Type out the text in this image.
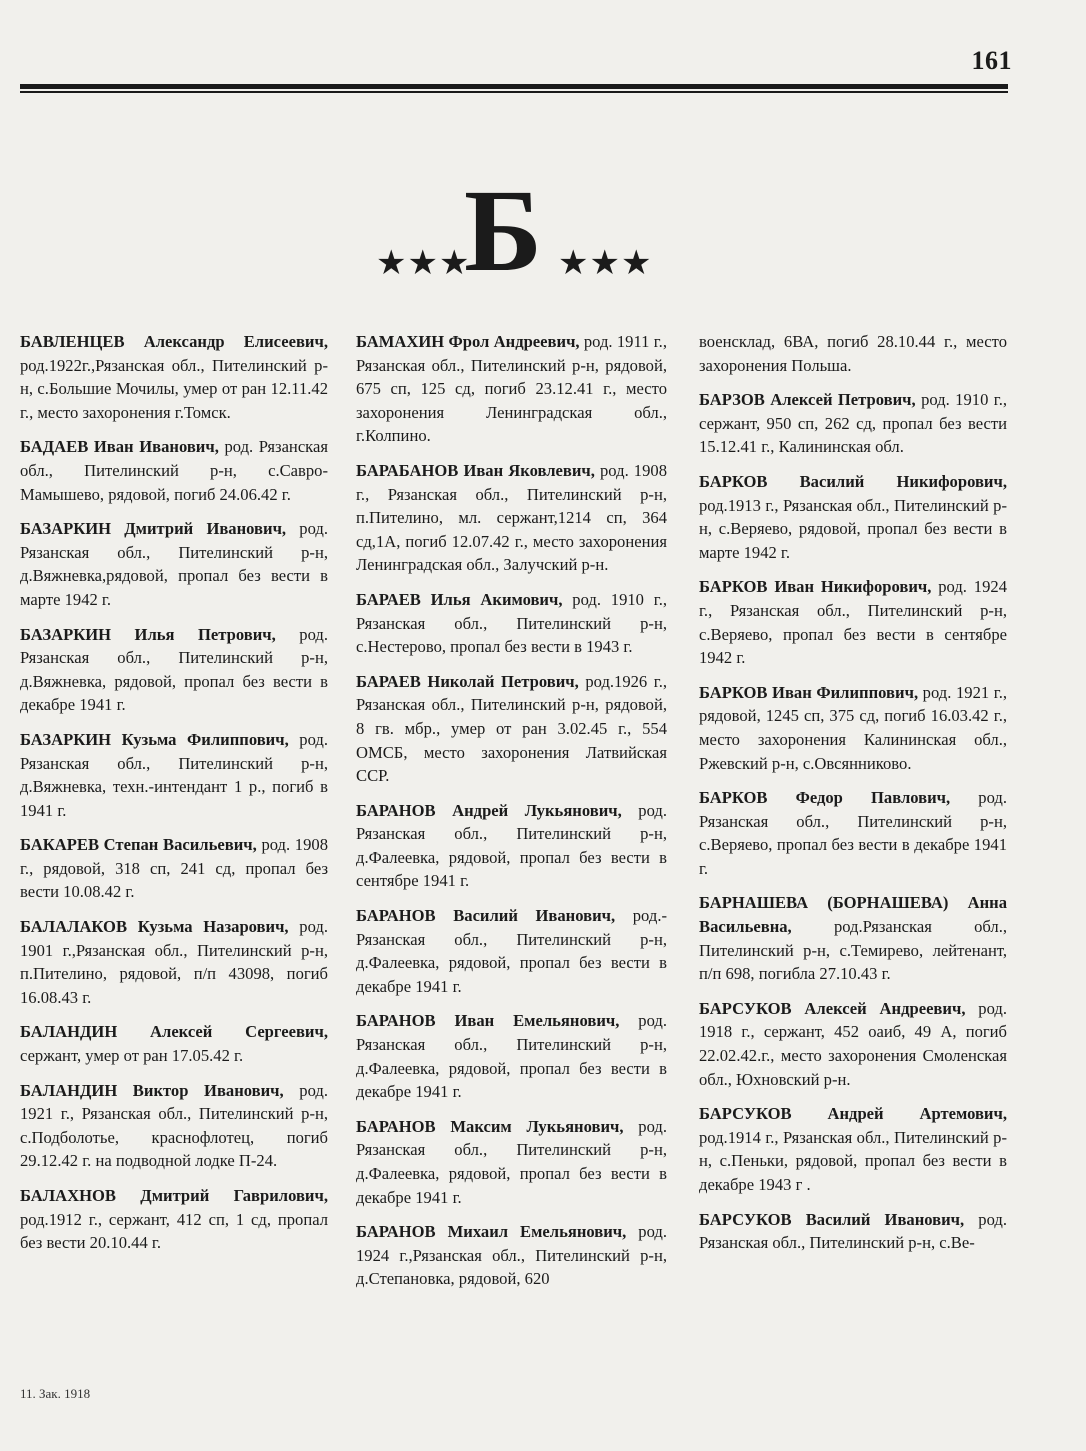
161
★★★
Б ★★★
БАВЛЕНЦЕВ Александр Елисеевич, род.1922г.,Рязанская обл., Пителинский р-н, с.Большие Мочилы, умер от ран 12.11.42 г., место захоронения г.Томск.
БАДАЕВ Иван Иванович, род. Рязанская обл., Пителинский р-н, с.Савро-Мамышево, рядовой, погиб 24.06.42 г.
БАЗАРКИН Дмитрий Иванович, род. Рязанская обл., Пителинский р-н, д.Вяжневка,рядовой, пропал без вести в марте 1942 г.
БАЗАРКИН Илья Петрович, род. Рязанская обл., Пителинский р-н, д.Вяжневка, рядовой, пропал без вести в декабре 1941 г.
БАЗАРКИН Кузьма Филиппович, род. Рязанская обл., Пителинский р-н, д.Вяжневка, техн.-интендант 1 р., погиб в 1941 г.
БАКАРЕВ Степан Васильевич, род. 1908 г., рядовой, 318 сп, 241 сд, пропал без вести 10.08.42 г.
БАЛАЛАКОВ Кузьма Назарович, род. 1901 г.,Рязанская обл., Пителинский р-н, п.Пителино, рядовой, п/п 43098, погиб 16.08.43 г.
БАЛАНДИН Алексей Сергеевич, сержант, умер от ран 17.05.42 г.
БАЛАНДИН Виктор Иванович, род. 1921 г., Рязанская обл., Пителинский р-н, с.Подболотье, краснофлотец, погиб 29.12.42 г. на подводной лодке П-24.
БАЛАХНОВ Дмитрий Гаврилович, род.1912 г., сержант, 412 сп, 1 сд, пропал без вести 20.10.44 г.
БАМАХИН Фрол Андреевич, род. 1911 г., Рязанская обл., Пителинский р-н, рядовой, 675 сп, 125 сд, погиб 23.12.41 г., место захоронения Ленинградская обл., г.Колпино.
БАРАБАНОВ Иван Яковлевич, род. 1908 г., Рязанская обл., Пителинский р-н, п.Пителино, мл. сержант,1214 сп, 364 сд,1А, погиб 12.07.42 г., место захоронения Ленинградская обл., Залучский р-н.
БАРАЕВ Илья Акимович, род. 1910 г., Рязанская обл., Пителинский р-н, с.Нестерово, пропал без вести в 1943 г.
БАРАЕВ Николай Петрович, род.1926 г., Рязанская обл., Пителинский р-н, рядовой, 8 гв. мбр., умер от ран 3.02.45 г., 554 ОМСБ, место захоронения Латвийская ССР.
БАРАНОВ Андрей Лукьянович, род. Рязанская обл., Пителинский р-н, д.Фалеевка, рядовой, пропал без вести в сентябре 1941 г.
БАРАНОВ Василий Иванович, род.-Рязанская обл., Пителинский р-н, д.Фалеевка, рядовой, пропал без вести в декабре 1941 г.
БАРАНОВ Иван Емельянович, род. Рязанская обл., Пителинский р-н, д.Фалеевка, рядовой, пропал без вести в декабре 1941 г.
БАРАНОВ Максим Лукьянович, род. Рязанская обл., Пителинский р-н, д.Фалеевка, рядовой, пропал без вести в декабре 1941 г.
БАРАНОВ Михаил Емельянович, род. 1924 г.,Рязанская обл., Пителинский р-н, д.Степановка, рядовой, 620
военсклад, 6ВА, погиб 28.10.44 г., место захоронения Польша.
БАРЗОВ Алексей Петрович, род. 1910 г., сержант, 950 сп, 262 сд, пропал без вести 15.12.41 г., Калининская обл.
БАРКОВ Василий Никифорович, род.1913 г., Рязанская обл., Пителинский р-н, с.Веряево, рядовой, пропал без вести в марте 1942 г.
БАРКОВ Иван Никифорович, род. 1924 г., Рязанская обл., Пителинский р-н, с.Веряево, пропал без вести в сентябре 1942 г.
БАРКОВ Иван Филиппович, род. 1921 г., рядовой, 1245 сп, 375 сд, погиб 16.03.42 г., место захоронения Калининская обл., Ржевский р-н, с.Овсянниково.
БАРКОВ Федор Павлович, род. Рязанская обл., Пителинский р-н, с.Веряево, пропал без вести в декабре 1941 г.
БАРНАШЕВА (БОРНАШЕВА) Анна Васильевна, род.Рязанская обл., Пителинский р-н, с.Темирево, лейтенант, п/п 698, погибла 27.10.43 г.
БАРСУКОВ Алексей Андреевич, род. 1918 г., сержант, 452 оаиб, 49 А, погиб 22.02.42.г., место захоронения Смоленская обл., Юхновский р-н.
БАРСУКОВ Андрей Артемович, род.1914 г., Рязанская обл., Пителинский р-н, с.Пеньки, рядовой, пропал без вести в декабре 1943 г .
БАРСУКОВ Василий Иванович, род. Рязанская обл., Пителинский р-н, с.Ве-
11. Зак. 1918
